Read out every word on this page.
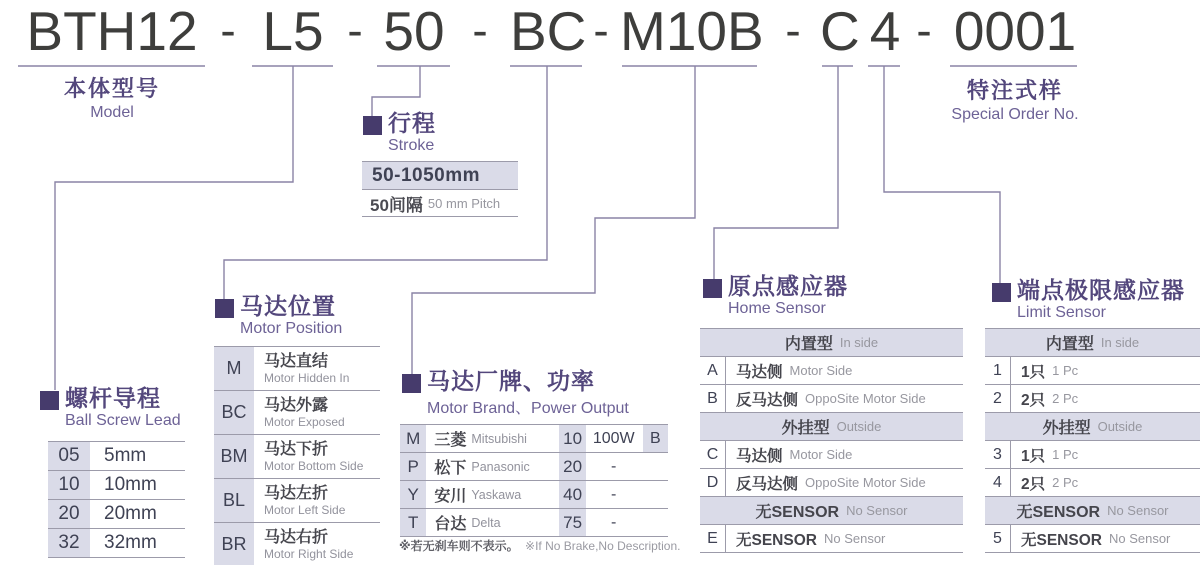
BTH12 - L5 - 50 - BC - M10B - C 4 - 0001
本体型号
Model
特注式样
Special Order No.
行程
Stroke
50-1050mm
50间隔 50 mm Pitch
螺杆导程
Ball Screw Lead
05	5mm
10	10mm
20	20mm
32	32mm
马达位置
Motor Position
M	马达直结
Motor Hidden In
BC	马达外露
Motor Exposed
BM	马达下折
Motor Bottom Side
BL	马达左折
Motor Left Side
BR	马达右折
Motor Right Side
马达厂牌、功率
Motor Brand、Power Output
M 三菱 Mitsubishi 10 100W B
P 松下 Panasonic 20	-
Y 安川 Yaskawa 40	-
T	台达 Delta	75	-
※若无刹车则不表示。 ※If No Brake,No Description.
原点感应器
Home Sensor
内置型 In side
A	马达侧 Motor Side
B	反马达侧 OppoSite Motor Side
外挂型 Outside
C	马达侧 Motor Side
D	反马达侧 OppoSite Motor Side
无SENSOR No Sensor
E	无SENSOR No Sensor
端点极限感应器
Limit Sensor
内置型 In side
1	1只 1 Pc
2	2只 2 Pc
外挂型 Outside
3	1只 1 Pc
4	2只 2 Pc
无SENSOR No Sensor
5	无SENSOR No Sensor
